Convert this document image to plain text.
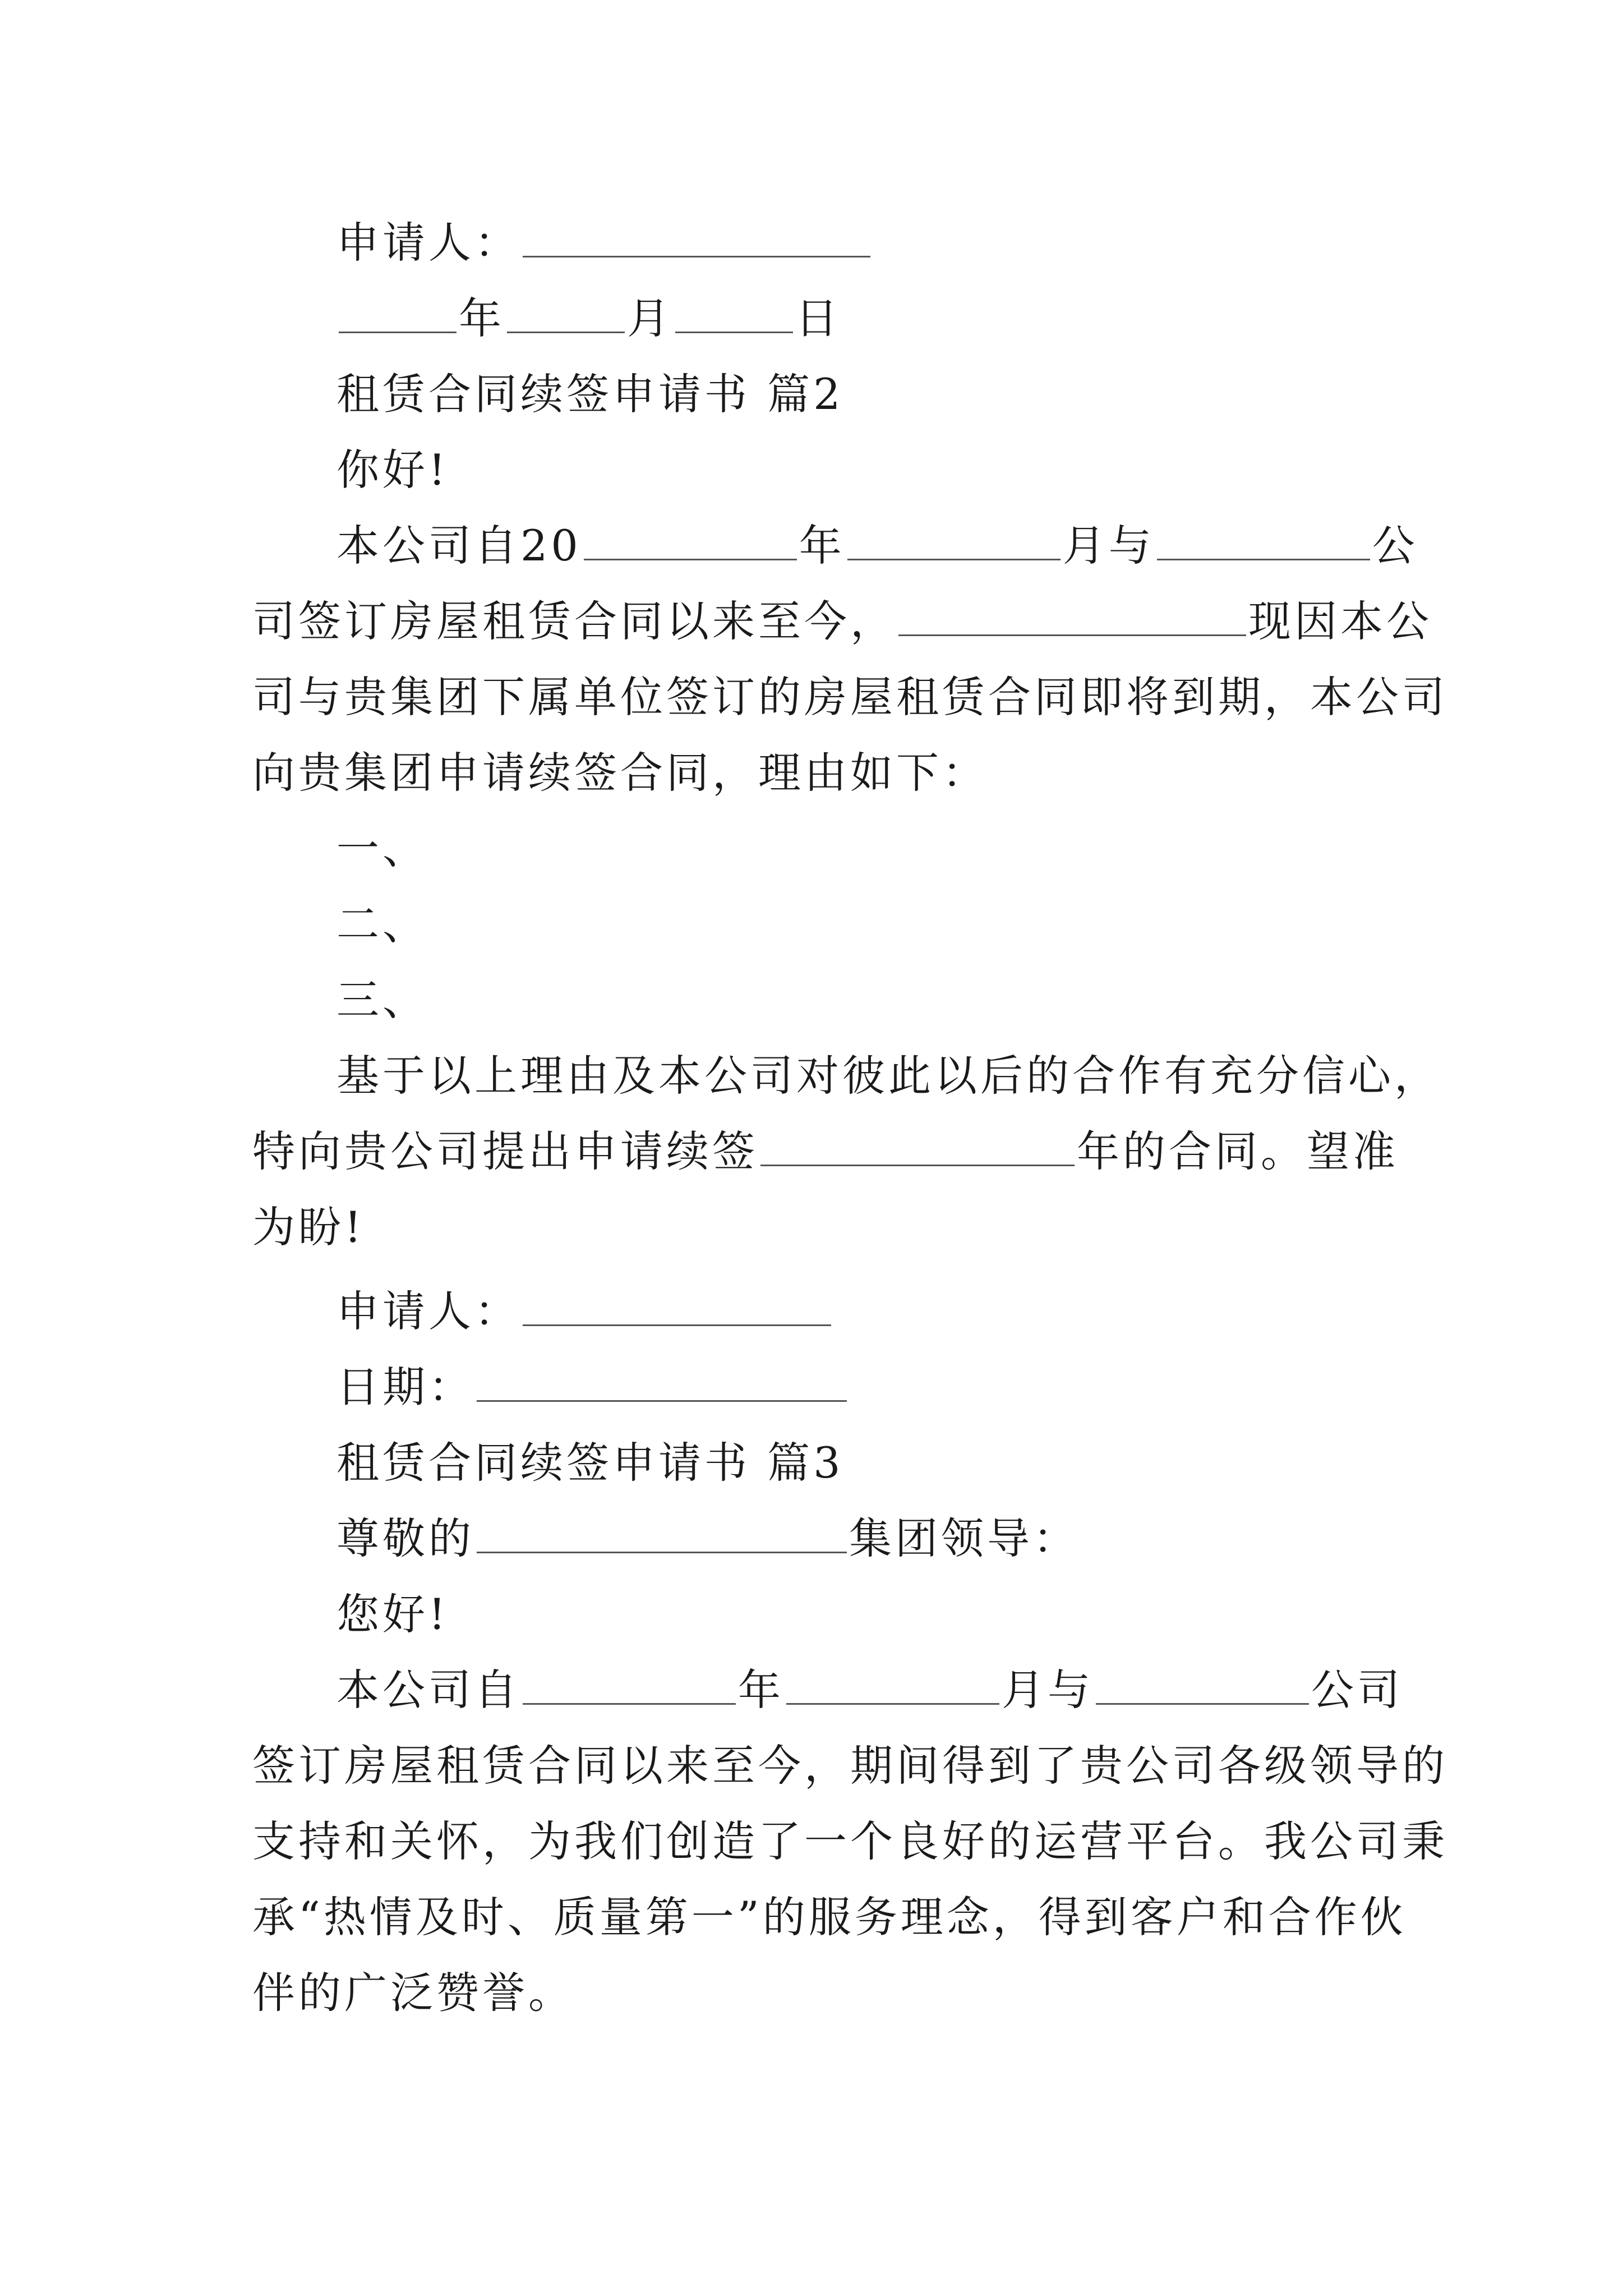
申请人：
年	月	日
租赁合同续签申请书 篇2
你好!
本公司自20	年	月与	公
司签订房屋租赁合同以来至今，	现因本公
司与贵集团下属单位签订的房屋租赁合同即将到期，本公司
向贵集团申请续签合同，理由如下：
一、
二、
三、
基于以上理由及本公司对彼此以后的合作有充分信心，
特向贵公司提出申请续签	年的合同。望准
为盼!
申请人：
日期：
租赁合同续签申请书 篇3
尊敬的	集团领导：
您好!
本公司自	年	月与	公司
签订房屋租赁合同以来至今，期间得到了贵公司各级领导的
支持和关怀，为我们创造了一个良好的运营平台。我公司秉
承“热情及时、质量第一”的服务理念，得到客户和合作伙
伴的广泛赞誉。
